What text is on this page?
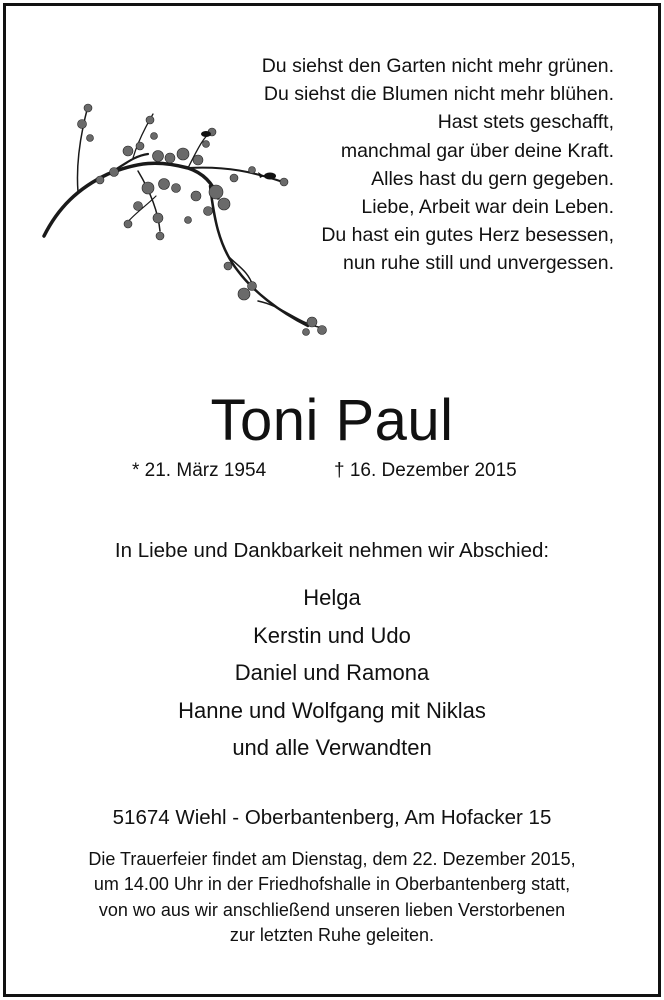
Du siehst den Garten nicht mehr grünen.
Du siehst die Blumen nicht mehr blühen.
Hast stets geschafft,
manchmal gar über deine Kraft.
Alles hast du gern gegeben.
Liebe, Arbeit war dein Leben.
Du hast ein gutes Herz besessen,
nun ruhe still und unvergessen.
Toni Paul
* 21. März 1954	† 16. Dezember 2015
In Liebe und Dankbarkeit nehmen wir Abschied:
Helga
Kerstin und Udo
Daniel und Ramona
Hanne und Wolfgang mit Niklas
und alle Verwandten
51674 Wiehl - Oberbantenberg, Am Hofacker 15
Die Trauerfeier findet am Dienstag, dem 22. Dezember 2015,
um 14.00 Uhr in der Friedhofshalle in Oberbantenberg statt,
von wo aus wir anschließend unseren lieben Verstorbenen
zur letzten Ruhe geleiten.
